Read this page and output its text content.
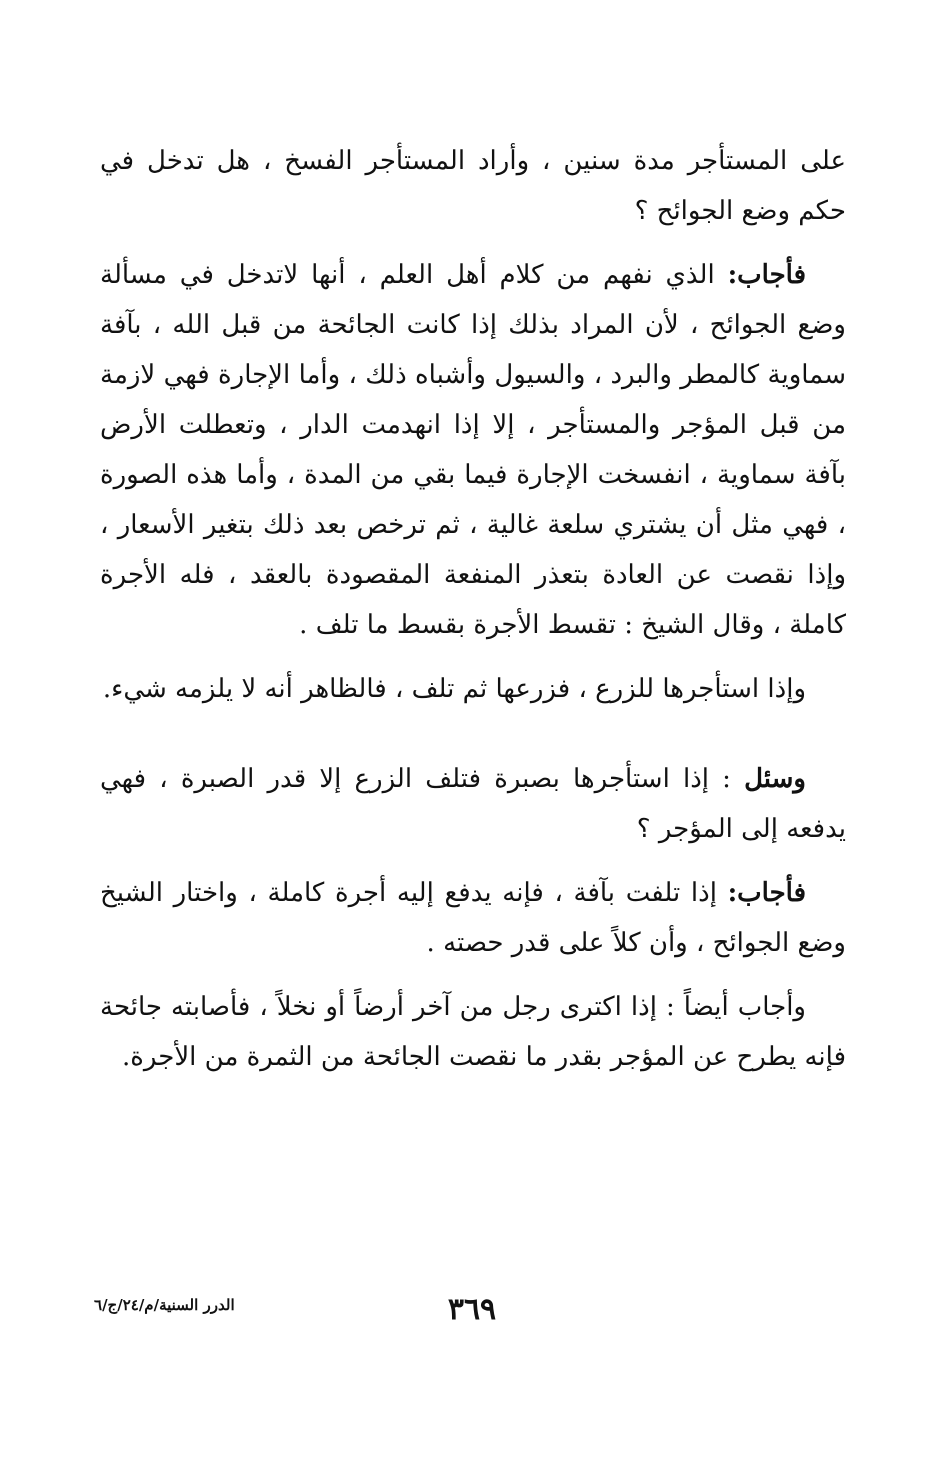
على المستأجر مدة سنين ، وأراد المستأجر الفسخ ، هل تدخل في حكم وضع الجوائح ؟

فأجاب: الذي نفهم من كلام أهل العلم ، أنها لاتدخل في مسألة وضع الجوائح ، لأن المراد بذلك إذا كانت الجائحة من قبل الله ، بآفة سماوية كالمطر والبرد ، والسيول وأشباه ذلك ، وأما الإجارة فهي لازمة من قبل المؤجر والمستأجر ، إلا إذا انهدمت الدار ، وتعطلت الأرض بآفة سماوية ، انفسخت الإجارة فيما بقي من المدة ، وأما هذه الصورة ، فهي مثل أن يشتري سلعة غالية ، ثم ترخص بعد ذلك بتغير الأسعار ، وإذا نقصت عن العادة بتعذر المنفعة المقصودة بالعقد ، فله الأجرة كاملة ، وقال الشيخ : تقسط الأجرة بقسط ما تلف .

وإذا استأجرها للزرع ، فزرعها ثم تلف ، فالظاهر أنه لا يلزمه شيء.

وسئل : إذا استأجرها بصبرة فتلف الزرع إلا قدر الصبرة ، فهي يدفعه إلى المؤجر ؟

فأجاب: إذا تلفت بآفة ، فإنه يدفع إليه أجرة كاملة ، واختار الشيخ وضع الجوائح ، وأن كلاً على قدر حصته .

وأجاب أيضاً : إذا اكترى رجل من آخر أرضاً أو نخلاً ، فأصابته جائحة فإنه يطرح عن المؤجر بقدر ما نقصت الجائحة من الثمرة من الأجرة.

٣٦٩
الدرر السنية/م/٢٤/ج/٦
